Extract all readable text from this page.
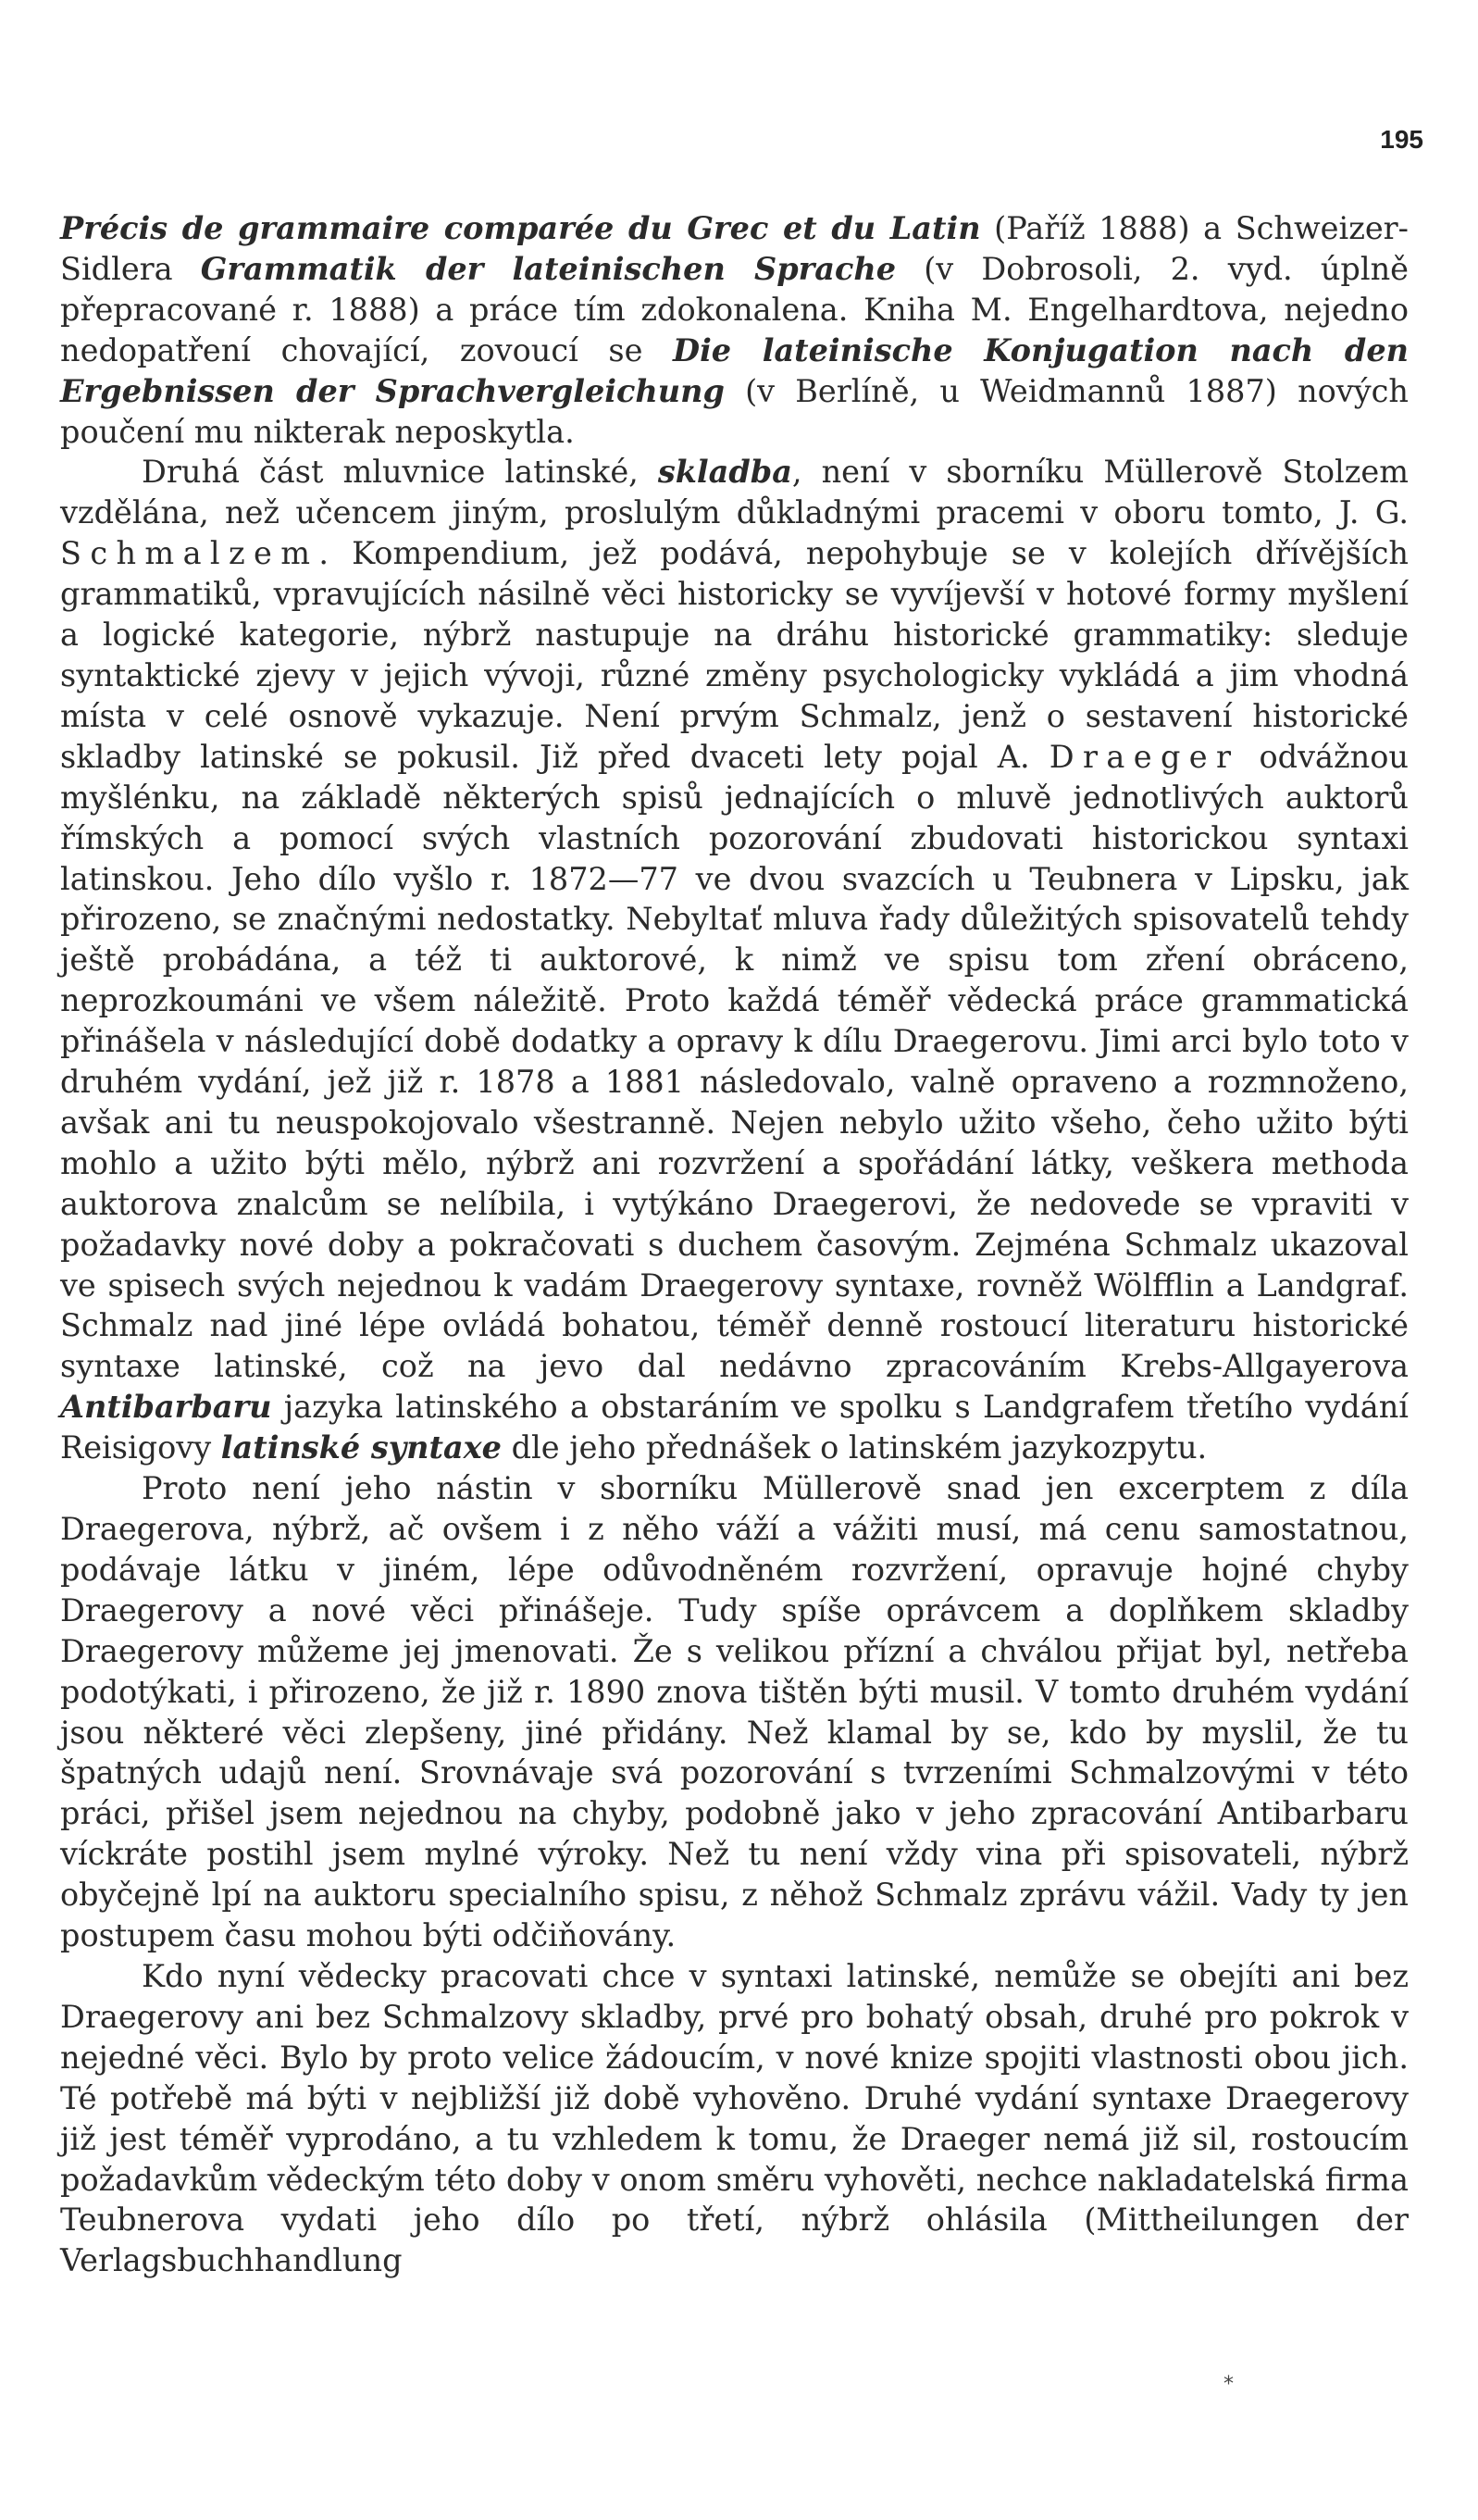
195

Précis de grammaire comparée du Grec et du Latin (Paříž 1888) a Schweizer-Sidlera Grammatik der lateinischen Sprache (v Dobrosoli, 2. vyd. úplně přepracované r. 1888) a práce tím zdokonalena. Kniha M. Engelhardtova, nejedno nedopatření chovající, zovoucí se Die lateinische Konjugation nach den Ergebnissen der Sprachvergleichung (v Berlíně, u Weidmannů 1887) nových poučení mu nikterak neposkytla.

Druhá část mluvnice latinské, skladba, není v sborníku Müllerově Stolzem vzdělána, než učencem jiným, proslulým důkladnými pracemi v oboru tomto, J. G. Schmalzem. Kompendium, jež podává, nepohybuje se v kolejích dřívějších grammatiků, vpravujících násilně věci historicky se vyvíjevší v hotové formy myšlení a logické kategorie, nýbrž nastupuje na dráhu historické grammatiky: sleduje syntaktické zjevy v jejich vývoji, různé změny psychologicky vykládá a jim vhodná místa v celé osnově vykazuje. Není prvým Schmalz, jenž o sestavení historické skladby latinské se pokusil. Již před dvaceti lety pojal A. Draeger odvážnou myšlénku, na základě některých spisů jednajících o mluvě jednotlivých auktorů římských a pomocí svých vlastních pozorování zbudovati historickou syntaxi latinskou. Jeho dílo vyšlo r. 1872—77 ve dvou svazcích u Teubnera v Lipsku, jak přirozeno, se značnými nedostatky. Nebyltať mluva řady důležitých spisovatelů tehdy ještě probádána, a též ti auktorové, k nimž ve spisu tom zření obráceno, neprozkoumáni ve všem náležitě. Proto každá téměř vědecká práce grammatická přinášela v následující době dodatky a opravy k dílu Draegerovu. Jimi arci bylo toto v druhém vydání, jež již r. 1878 a 1881 následovalo, valně opraveno a rozmnoženo, avšak ani tu neuspokojovalo všestranně. Nejen nebylo užito všeho, čeho užito býti mohlo a užito býti mělo, nýbrž ani rozvržení a spořádání látky, veškera methoda auktorova znalcům se nelíbila, i vytýkáno Draegerovi, že nedovede se vpraviti v požadavky nové doby a pokračovati s duchem časovým. Zejména Schmalz ukazoval ve spisech svých nejednou k vadám Draegerovy syntaxe, rovněž Wölfflin a Landgraf. Schmalz nad jiné lépe ovládá bohatou, téměř denně rostoucí literaturu historické syntaxe latinské, což na jevo dal nedávno zpracováním Krebs-Allgayerova Antibarbaru jazyka latinského a obstaráním ve spolku s Landgrafem třetího vydání Reisigovy latinské syntaxe dle jeho přednášek o latinském jazykozpytu.

Proto není jeho nástin v sborníku Müllerově snad jen excerptem z díla Draegerova, nýbrž, ač ovšem i z něho váží a vážiti musí, má cenu samostatnou, podávaje látku v jiném, lépe odůvodněném rozvržení, opravuje hojné chyby Draegerovy a nové věci přinášeje. Tudy spíše oprávcem a doplňkem skladby Draegerovy můžeme jej jmenovati. Že s velikou přízní a chválou přijat byl, netřeba podotýkati, i přirozeno, že již r. 1890 znova tištěn býti musil. V tomto druhém vydání jsou některé věci zlepšeny, jiné přidány. Než klamal by se, kdo by myslil, že tu špatných udajů není. Srovnávaje svá pozorování s tvrzeními Schmalzovými v této práci, přišel jsem nejednou na chyby, podobně jako v jeho zpracování Antibarbaru víckráte postihl jsem mylné výroky. Než tu není vždy vina při spisovateli, nýbrž obyčejně lpí na auktoru specialního spisu, z něhož Schmalz zprávu vážil. Vady ty jen postupem času mohou býti odčiňovány.

Kdo nyní vědecky pracovati chce v syntaxi latinské, nemůže se obejíti ani bez Draegerovy ani bez Schmalzovy skladby, prvé pro bohatý obsah, druhé pro pokrok v nejedné věci. Bylo by proto velice žádoucím, v nové knize spojiti vlastnosti obou jich. Té potřebě má býti v nejbližší již době vyhověno. Druhé vydání syntaxe Draegerovy již jest téměř vyprodáno, a tu vzhledem k tomu, že Draeger nemá již sil, rostoucím požadavkům vědeckým této doby v onom směru vyhověti, nechce nakladatelská firma Teubnerova vydati jeho dílo po třetí, nýbrž ohlásila (Mittheilungen der Verlagsbuchhandlung

*
